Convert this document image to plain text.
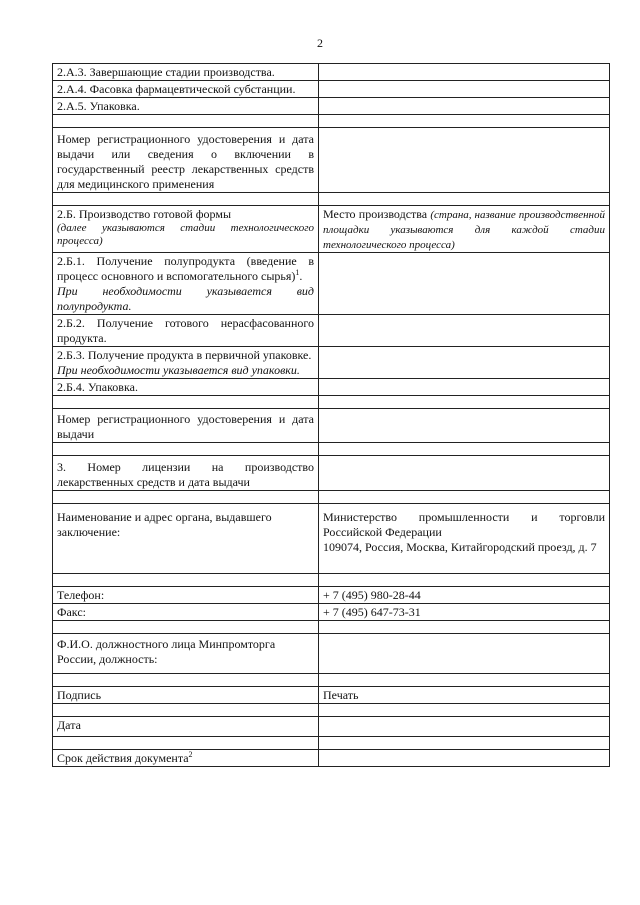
2
2.А.3. Завершающие стадии производства.	
2.А.4. Фасовка фармацевтической субстанции.	
2.А.5. Упаковка.	

Номер регистрационного удостоверения и дата выдачи или сведения о включении в государственный реестр лекарственных средств для медицинского применения	

2.Б. Производство готовой формы
(далее указываются стадии технологического процесса)	Место производства (страна, название производственной площадки указываются для каждой стадии технологического процесса)
2.Б.1. Получение полупродукта (введение в процесс основного и вспомогательного сырья)$^1$.
При необходимости указывается вид полупродукта.	

2.Б.2. Получение готового нерасфасованного продукта.	
2.Б.3. Получение продукта в первичной упаковке.
При необходимости указывается вид упаковки.	

2.Б.4. Упаковка.	

Номер регистрационного удостоверения и дата выдачи	

3. Номер лицензии на производство лекарственных средств и дата выдачи	

Наименование и адрес органа, выдавшего заключение:	Министерство промышленности и торговли Российской Федерации
109074, Россия, Москва, Китайгородский проезд, д. 7

Телефон:	+ 7 (495) 980-28-44
Факс:	+ 7 (495) 647-73-31

Ф.И.О. должностного лица Минпромторга России, должность:	

Подпись	Печать

Дата	

Срок действия документа$^2$	
